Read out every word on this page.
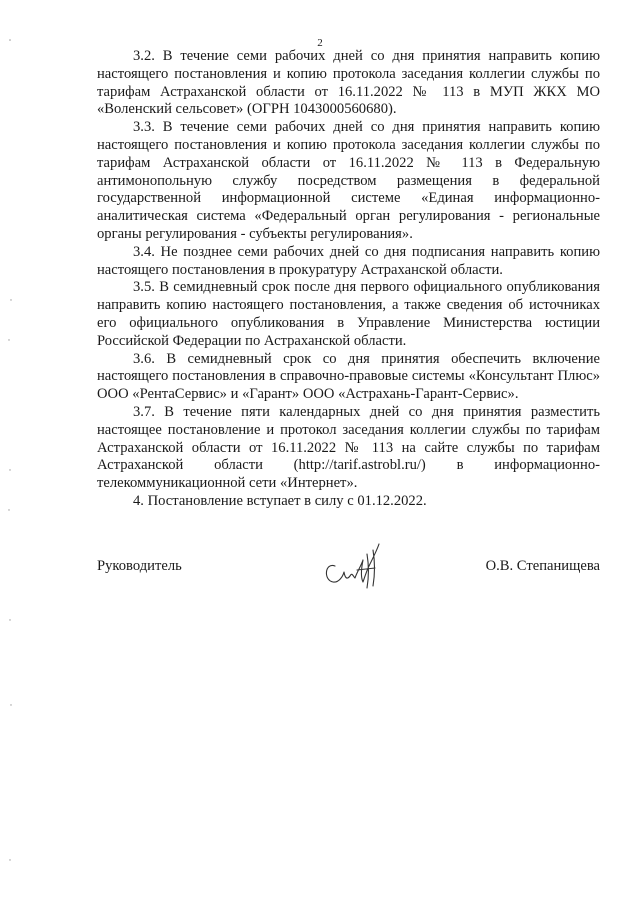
2

3.2. В течение семи рабочих дней со дня принятия направить копию настоящего постановления и копию протокола заседания коллегии службы по тарифам Астраханской области от 16.11.2022 № 113 в МУП ЖКХ МО «Воленский сельсовет» (ОГРН 1043000560680).

3.3. В течение семи рабочих дней со дня принятия направить копию настоящего постановления и копию протокола заседания коллегии службы по тарифам Астраханской области от 16.11.2022 № 113 в Федеральную антимонопольную службу посредством размещения в федеральной государственной информационной системе «Единая информационно-аналитическая система «Федеральный орган регулирования - региональные органы регулирования - субъекты регулирования».

3.4. Не позднее семи рабочих дней со дня подписания направить копию настоящего постановления в прокуратуру Астраханской области.

3.5. В семидневный срок после дня первого официального опубликования направить копию настоящего постановления, а также сведения об источниках его официального опубликования в Управление Министерства юстиции Российской Федерации по Астраханской области.

3.6. В семидневный срок со дня принятия обеспечить включение настоящего постановления в справочно-правовые системы «Консультант Плюс» ООО «РентаСервис» и «Гарант» ООО «Астрахань-Гарант-Сервис».

3.7. В течение пяти календарных дней со дня принятия разместить настоящее постановление и протокол заседания коллегии службы по тарифам Астраханской области от 16.11.2022 № 113 на сайте службы по тарифам Астраханской области (http://tarif.astrobl.ru/) в информационно-телекоммуникационной сети «Интернет».

4. Постановление вступает в силу с 01.12.2022.

Руководитель	О.В. Степанищева
